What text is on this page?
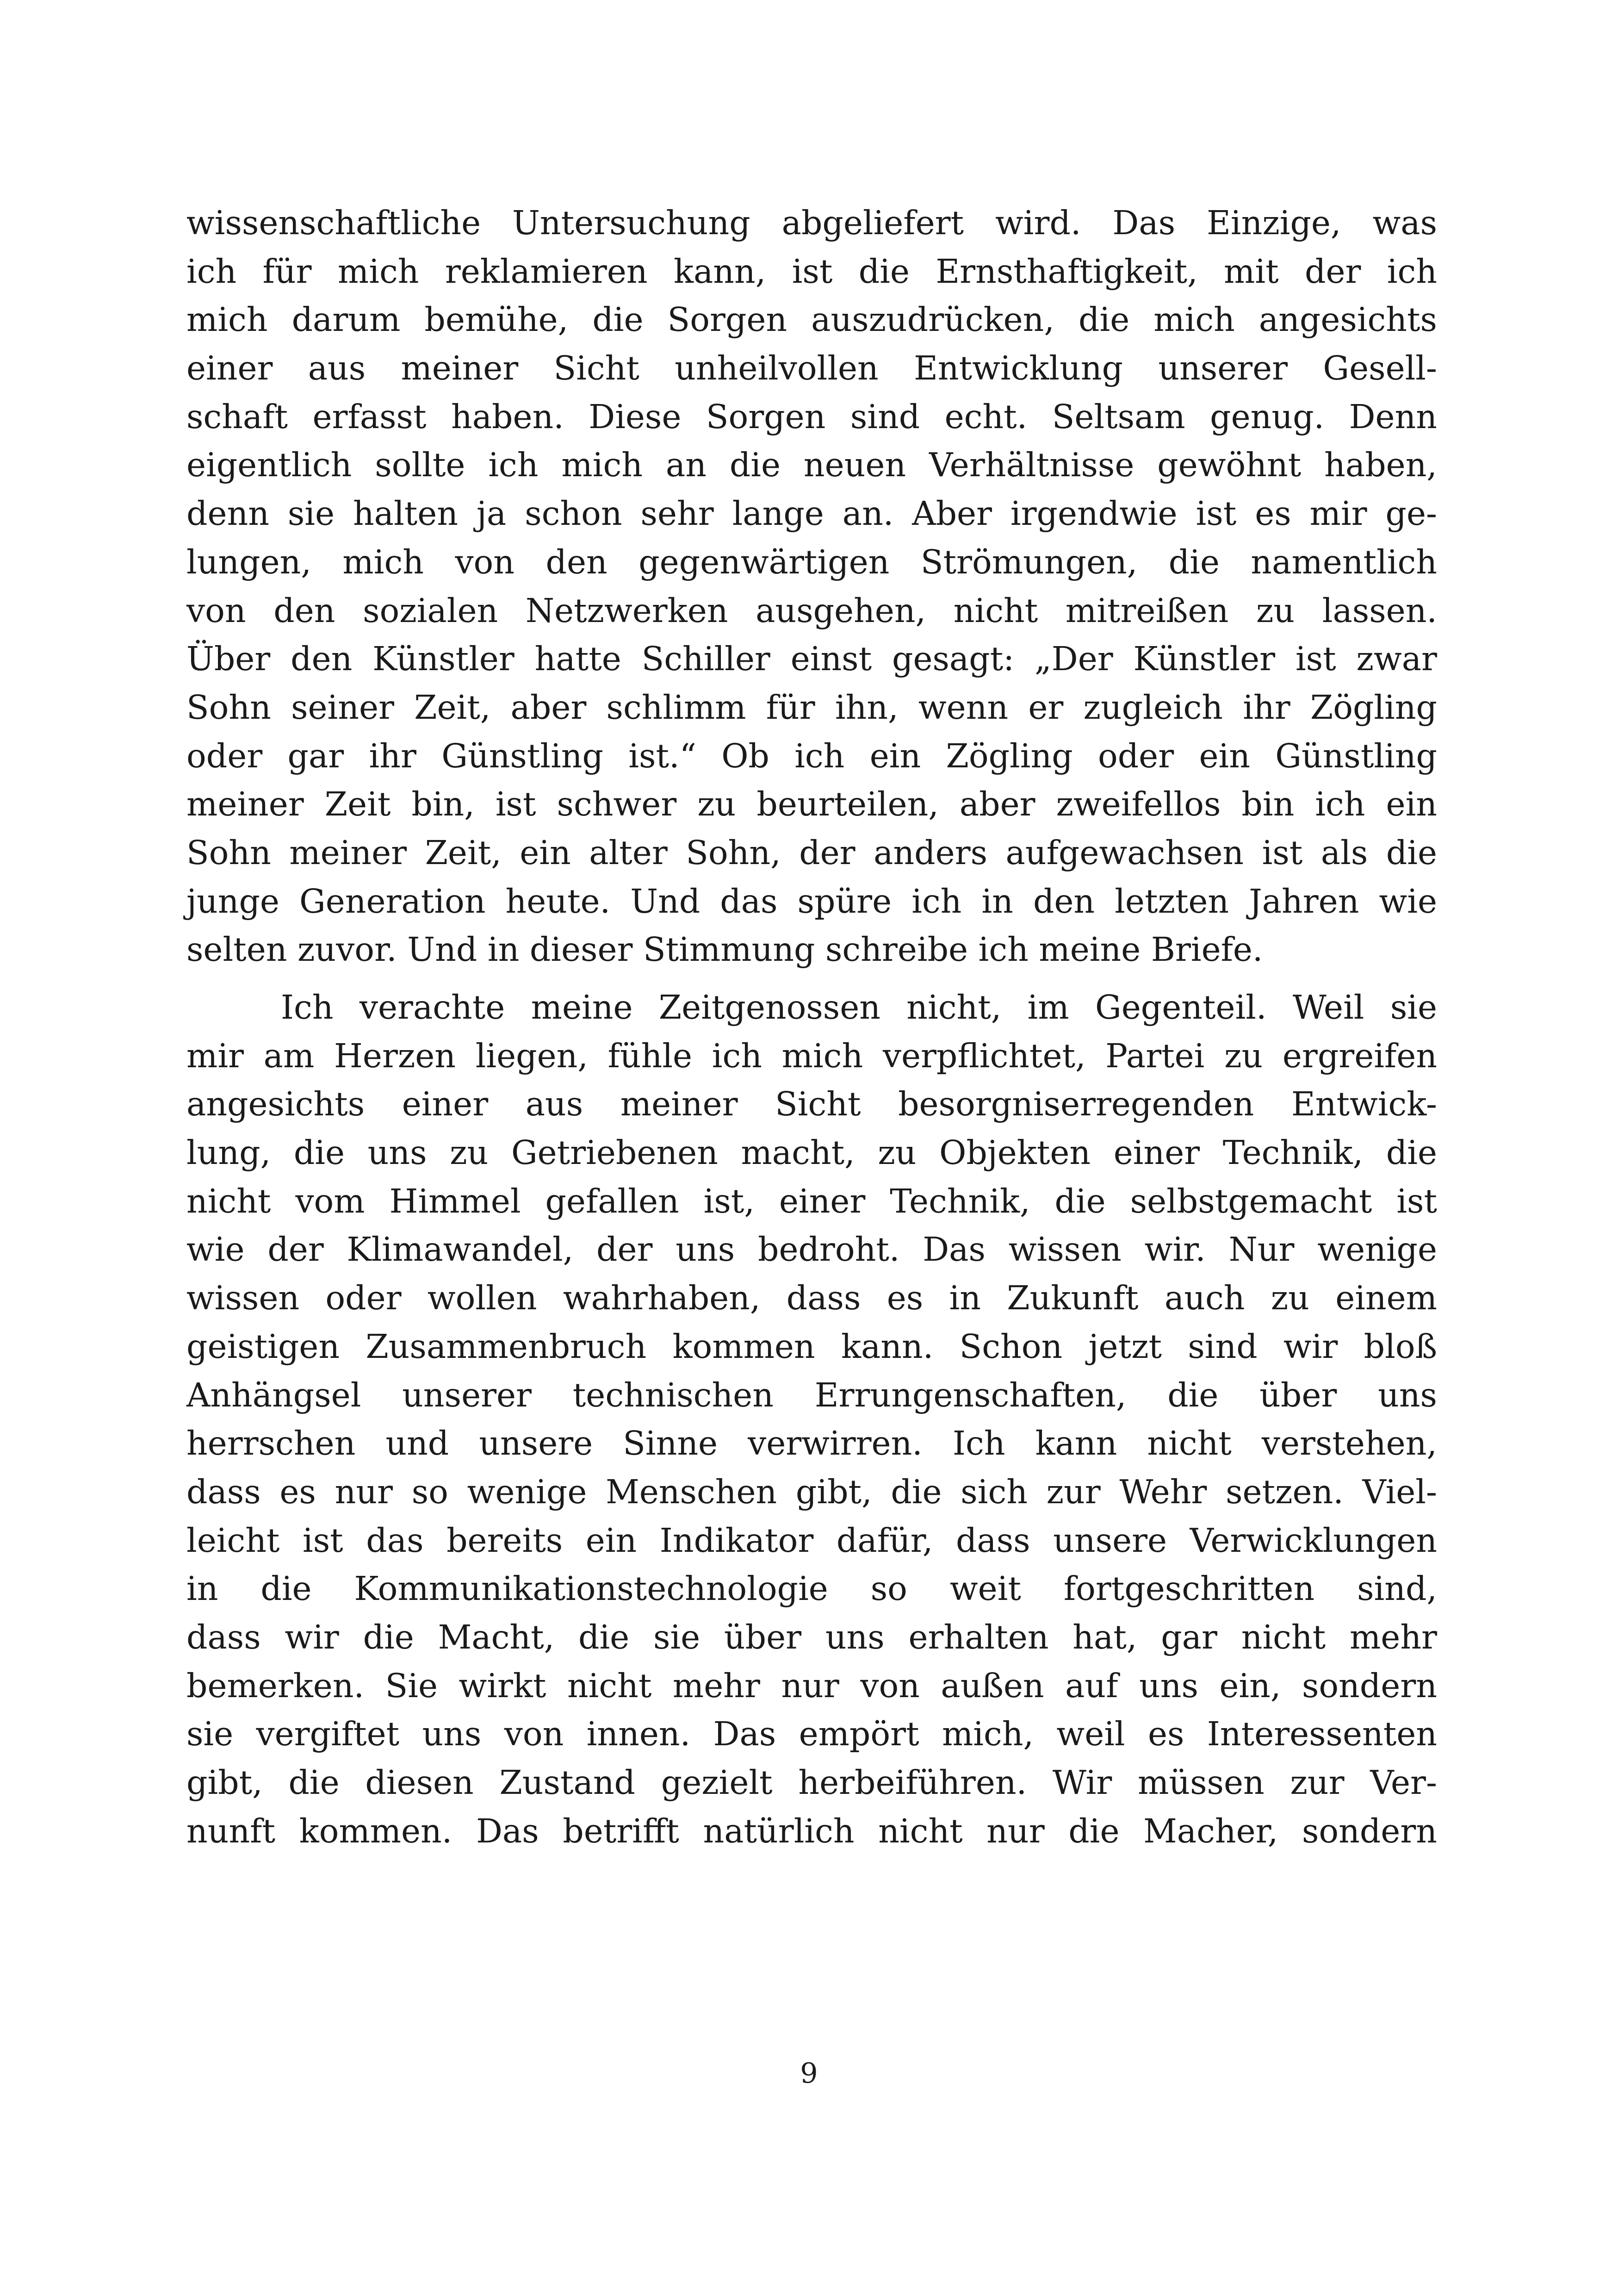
wissenschaftliche Untersuchung abgeliefert wird. Das Einzige, was
ich für mich reklamieren kann, ist die Ernsthaftigkeit, mit der ich
mich darum bemühe, die Sorgen auszudrücken, die mich angesichts
einer aus meiner Sicht unheilvollen Entwicklung unserer Gesell-
schaft erfasst haben. Diese Sorgen sind echt. Seltsam genug. Denn
eigentlich sollte ich mich an die neuen Verhältnisse gewöhnt haben,
denn sie halten ja schon sehr lange an. Aber irgendwie ist es mir ge-
lungen, mich von den gegenwärtigen Strömungen, die namentlich
von den sozialen Netzwerken ausgehen, nicht mitreißen zu lassen.
Über den Künstler hatte Schiller einst gesagt: „Der Künstler ist zwar
Sohn seiner Zeit, aber schlimm für ihn, wenn er zugleich ihr Zögling
oder gar ihr Günstling ist.“ Ob ich ein Zögling oder ein Günstling
meiner Zeit bin, ist schwer zu beurteilen, aber zweifellos bin ich ein
Sohn meiner Zeit, ein alter Sohn, der anders aufgewachsen ist als die
junge Generation heute. Und das spüre ich in den letzten Jahren wie
selten zuvor. Und in dieser Stimmung schreibe ich meine Briefe.
Ich verachte meine Zeitgenossen nicht, im Gegenteil. Weil sie
mir am Herzen liegen, fühle ich mich verpflichtet, Partei zu ergreifen
angesichts einer aus meiner Sicht besorgniserregenden Entwick-
lung, die uns zu Getriebenen macht, zu Objekten einer Technik, die
nicht vom Himmel gefallen ist, einer Technik, die selbstgemacht ist
wie der Klimawandel, der uns bedroht. Das wissen wir. Nur wenige
wissen oder wollen wahrhaben, dass es in Zukunft auch zu einem
geistigen Zusammenbruch kommen kann. Schon jetzt sind wir bloß
Anhängsel unserer technischen Errungenschaften, die über uns
herrschen und unsere Sinne verwirren. Ich kann nicht verstehen,
dass es nur so wenige Menschen gibt, die sich zur Wehr setzen. Viel-
leicht ist das bereits ein Indikator dafür, dass unsere Verwicklungen
in die Kommunikationstechnologie so weit fortgeschritten sind,
dass wir die Macht, die sie über uns erhalten hat, gar nicht mehr
bemerken. Sie wirkt nicht mehr nur von außen auf uns ein, sondern
sie vergiftet uns von innen. Das empört mich, weil es Interessenten
gibt, die diesen Zustand gezielt herbeiführen. Wir müssen zur Ver-
nunft kommen. Das betrifft natürlich nicht nur die Macher, sondern
9
